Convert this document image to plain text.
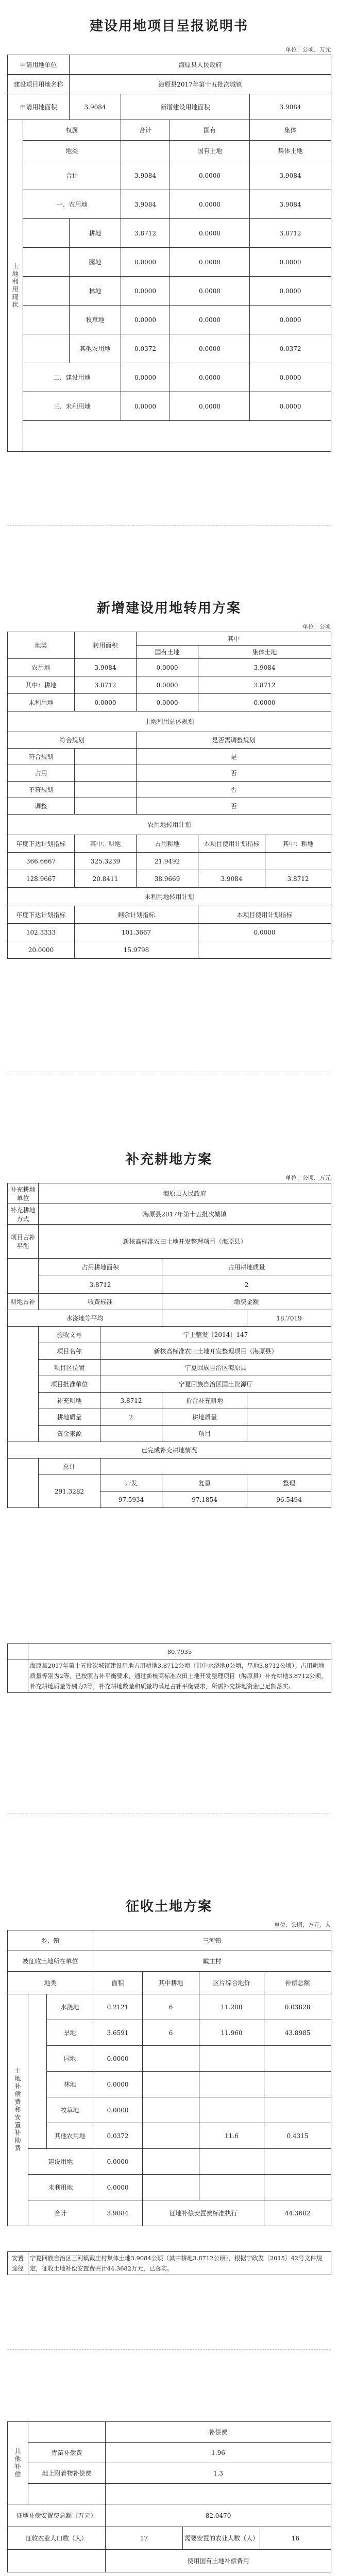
建设用地项目呈报说明书
单位：公顷、万元
申请用地单位		海原县人民政府			
建设项目用地名称		海原县2017年第十五批次城镇			
申请用地面积		3.9084	新增建设用地面积		3.9084
土地利用现状	权属		合计	国有	集体
	地类			国有土地	集体土地
	合计		3.9084	0.0000	3.9084
	一、农用地		3.9084	0.0000	3.9084
		耕地	3.8712	0.0000	3.8712
		园地	0.0000	0.0000	0.0000
		林地	0.0000	0.0000	0.0000
		牧草地	0.0000	0.0000	0.0000
		其他农用地	0.0372	0.0000	0.0372
	二、建设用地		0.0000	0.0000	0.0000
	三、未利用地		0.0000	0.0000	0.0000

新增建设用地转用方案
单位：公顷
地类	转用面积	其中		
		国有土地	集体土地	
农用地	3.9084	0.0000	3.9084	
其中：耕地	3.8712	0.0000	3.8712	
未利用地	0.0000	0.0000	0.0000	
土地利用总体规划				
符合规划		是否需调整规划		
符合规划		是		
占用		否		
不符规划		否		
调整		否		
农用地转用计划				
年度下达计划指标	其中：耕地	占用耕地	本项目使用计划指标	其中：耕地
366.6667	325.3239	21.9492		
128.9667	20.8411	38.9669	3.9084	3.8712
未利用地转用计划				
年度下达计划指标	剩余计划指标		本项目使用计划指标	
102.3333	101.3667		0.0000	
20.0000	15.9798			
补充耕地方案
单位：公顷、万元
补充耕地单位	海原县人民政府			
补充耕地方式	海原县2017年第十五批次城镇			
项目占补平衡	新核高标准农田土地开发整理项目（海原县）			
	占用耕地面积		占用耕地质量	
	3.8712		2	
耕地占补	收费标准		缴费金额	
水浇地等平均				18.7019
	验收文号	宁土整发〔2014〕147		
	项目名称	新核高标准农田土地开发整理项目（海原县）		
	项目区位置	宁夏回族自治区海原县		
	项目批准单位	宁夏回族自治区国土资源厅		
	补充耕地	3.8712	折合补充耕地	
	耕地质量	2	耕地质量	
	资金来源		项目	
已完成补充耕地情况				
	总计			
	291.3282	开发	复垦	整理
		97.5934	97.1854	96.5494
	80.7935
	海原县2017年第十五批次城镇建设用地占用耕地3.8712公顷（其中水浇地0公顷，旱地3.8712公顷）。占用耕地质量等别为2等，已按照占补平衡要求，通过新核高标准农田土地开发整理项目（海原县）补充耕地3.8712公顷，补充耕地质量等别为2等，补充耕地数量和质量均满足占补平衡要求，所需补充耕地资金已足额落实。
征收土地方案
单位：公顷、万元、人
乡、镇			三河镇			
被征收土地所在单位			戴庄村			
地类			面积	其中耕地	区片综合地价	补偿总额
土地补偿费和安置补助费		水浇地	0.2121	6	11.200	0.03828
		旱地	3.6591	6	11.960	43.8985
		园地	0.0000			
		林地	0.0000			
		牧草地	0.0000			
		其他农用地	0.0372		11.6	0.4315
	建设用地		0.0000			
	未利用地		0.0000			
	合计		3.9084	征地补偿安置费标准执行		44.3682
安置途径	宁夏回族自治区三河镇戴庄村集体土地3.9084公顷（其中耕地3.8712公顷），根据宁政发〔2015〕42号文件规定，征收土地补偿安置费共计44.3682万元，已落实。
其他补偿		补偿费		
	青苗补偿费	1.96		
	地上附着物补偿费	1.3		

征地补偿安置费总额（万元）		82.0470		
征收农业人口数（人）		17	需要安置的农业人数（人）	16
		使用国有土地补偿费用		
